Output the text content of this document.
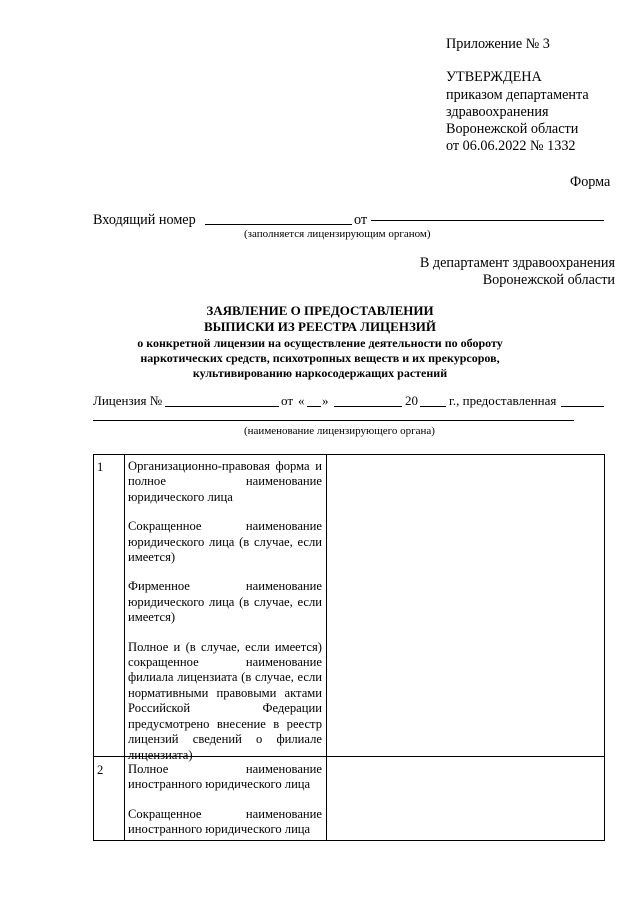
Приложение № 3
УТВЕРЖДЕНА
приказом департамента
здравоохранения
Воронежской области
от 06.06.2022 № 1332
Форма
Входящий номер	от
(заполняется лицензирующим органом)
В департамент здравоохранения
Воронежской области
ЗАЯВЛЕНИЕ О ПРЕДОСТАВЛЕНИИ
ВЫПИСКИ ИЗ РЕЕСТРА ЛИЦЕНЗИЙ
о конкретной лицензии на осуществление деятельности по обороту
наркотических средств, психотропных веществ и их прекурсоров,
культивированию наркосодержащих растений
Лицензия №	от « »	20 г., предоставленная
(наименование лицензирующего органа)
1 Организационно-правовая форма и полное наименование юридического лица

Сокращенное наименование юридического лица (в случае, если имеется)

Фирменное наименование юридического лица (в случае, если имеется)

Полное и (в случае, если имеется) сокращенное наименование филиала лицензиата (в случае, если нормативными правовыми актами Российской Федерации предусмотрено внесение в реестр лицензий сведений о филиале лицензиата)

2 Полное наименование иностранного юридического лица

Сокращенное наименование иностранного юридического лица
